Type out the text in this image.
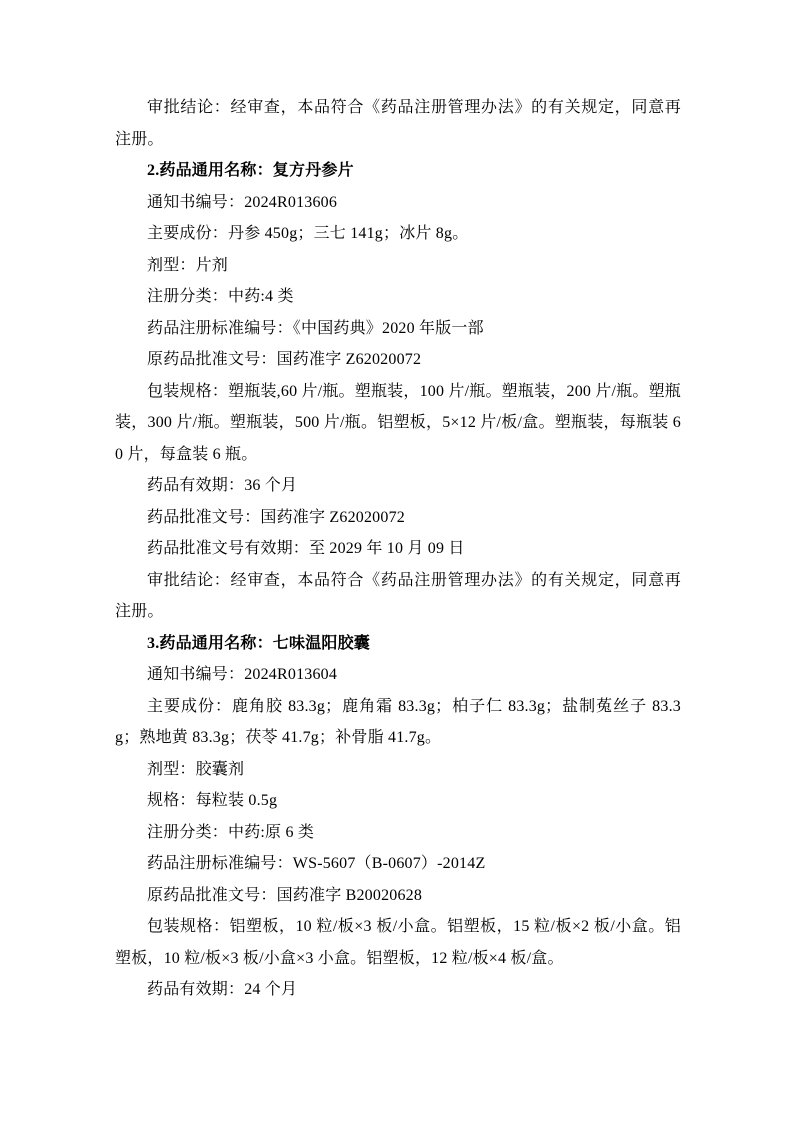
审批结论：经审查，本品符合《药品注册管理办法》的有关规定，同意再注册。

2.药品通用名称：复方丹参片

通知书编号：2024R013606

主要成份：丹参 450g；三七 141g；冰片 8g。

剂型：片剂

注册分类：中药:4 类

药品注册标准编号：《中国药典》2020 年版一部

原药品批准文号：国药准字 Z62020072

包装规格：塑瓶装,60 片/瓶。塑瓶装，100 片/瓶。塑瓶装，200 片/瓶。塑瓶装，300 片/瓶。塑瓶装，500 片/瓶。铝塑板，5×12 片/板/盒。塑瓶装，每瓶装 60 片，每盒装 6 瓶。

药品有效期：36 个月

药品批准文号：国药准字 Z62020072

药品批准文号有效期：至 2029 年 10 月 09 日

审批结论：经审查，本品符合《药品注册管理办法》的有关规定，同意再注册。

3.药品通用名称：七味温阳胶囊

通知书编号：2024R013604

主要成份：鹿角胶 83.3g；鹿角霜 83.3g；柏子仁 83.3g；盐制菟丝子 83.3g；熟地黄 83.3g；茯苓 41.7g；补骨脂 41.7g。

剂型：胶囊剂

规格：每粒装 0.5g

注册分类：中药:原 6 类

药品注册标准编号：WS-5607（B-0607）-2014Z

原药品批准文号：国药准字 B20020628

包装规格：铝塑板，10 粒/板×3 板/小盒。铝塑板，15 粒/板×2 板/小盒。铝塑板，10 粒/板×3 板/小盒×3 小盒。铝塑板，12 粒/板×4 板/盒。

药品有效期：24 个月
